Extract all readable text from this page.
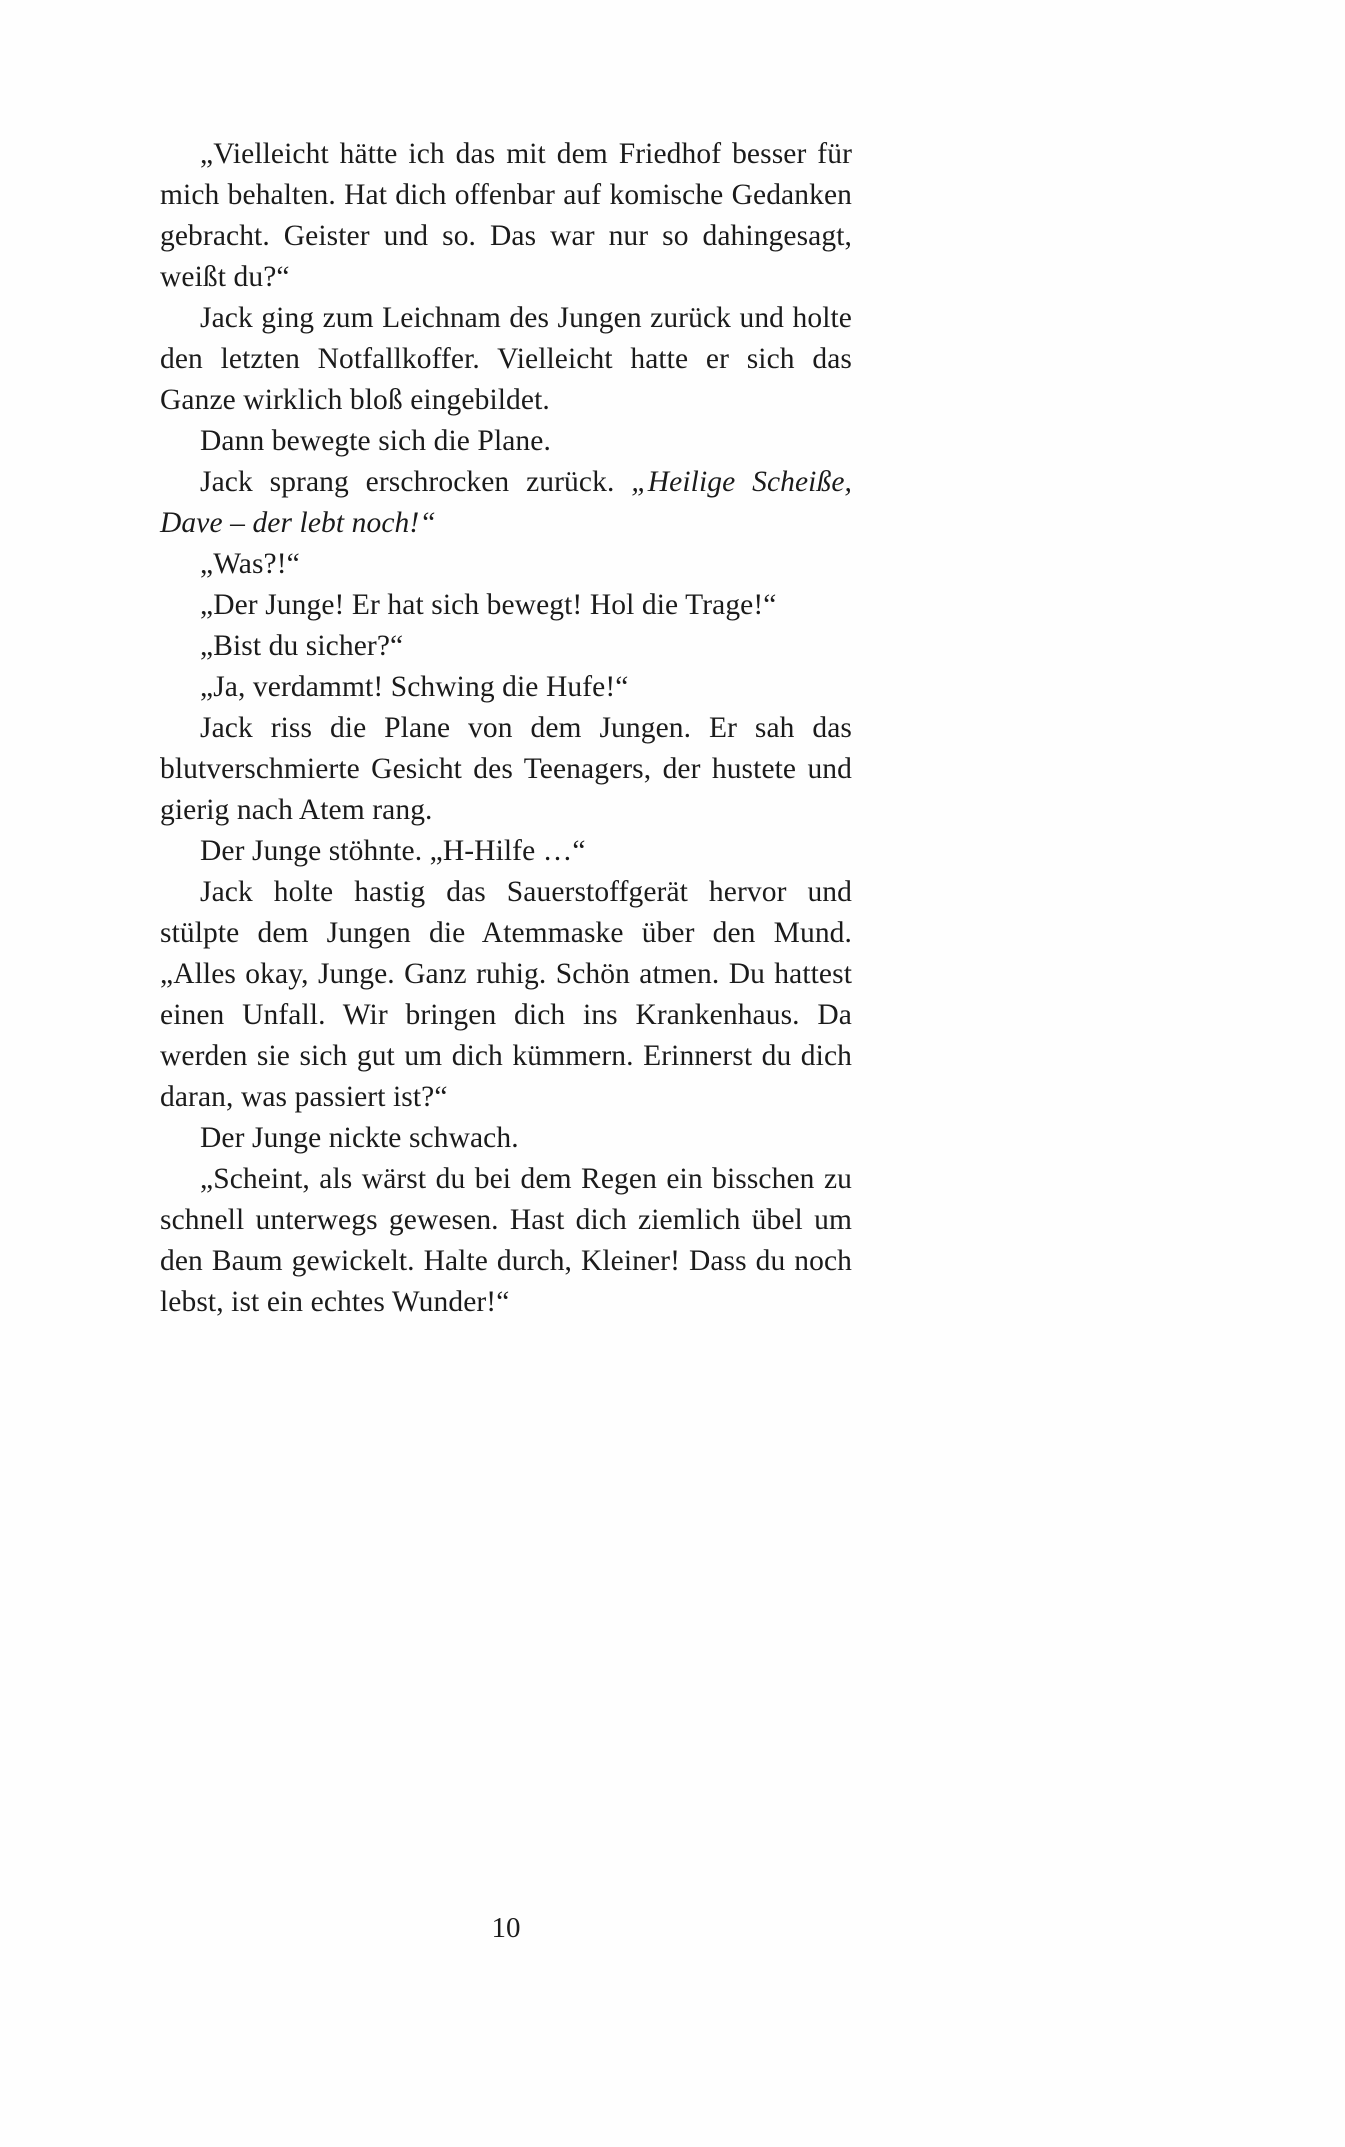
„Vielleicht hätte ich das mit dem Friedhof besser für mich behalten. Hat dich offenbar auf komische Gedanken gebracht. Geister und so. Das war nur so dahingesagt, weißt du?“

Jack ging zum Leichnam des Jungen zurück und holte den letzten Notfallkoffer. Vielleicht hatte er sich das Ganze wirklich bloß eingebildet.

Dann bewegte sich die Plane.

Jack sprang erschrocken zurück. „Heilige Scheiße, Dave – der lebt noch!“

„Was?!“

„Der Junge! Er hat sich bewegt! Hol die Trage!“

„Bist du sicher?“

„Ja, verdammt! Schwing die Hufe!“

Jack riss die Plane von dem Jungen. Er sah das blutverschmierte Gesicht des Teenagers, der hustete und gierig nach Atem rang.

Der Junge stöhnte. „H-Hilfe …“

Jack holte hastig das Sauerstoffgerät hervor und stülpte dem Jungen die Atemmaske über den Mund. „Alles okay, Junge. Ganz ruhig. Schön atmen. Du hattest einen Unfall. Wir bringen dich ins Krankenhaus. Da werden sie sich gut um dich kümmern. Erinnerst du dich daran, was passiert ist?“

Der Junge nickte schwach.

„Scheint, als wärst du bei dem Regen ein bisschen zu schnell unterwegs gewesen. Hast dich ziemlich übel um den Baum gewickelt. Halte durch, Kleiner! Dass du noch lebst, ist ein echtes Wunder!“

10
